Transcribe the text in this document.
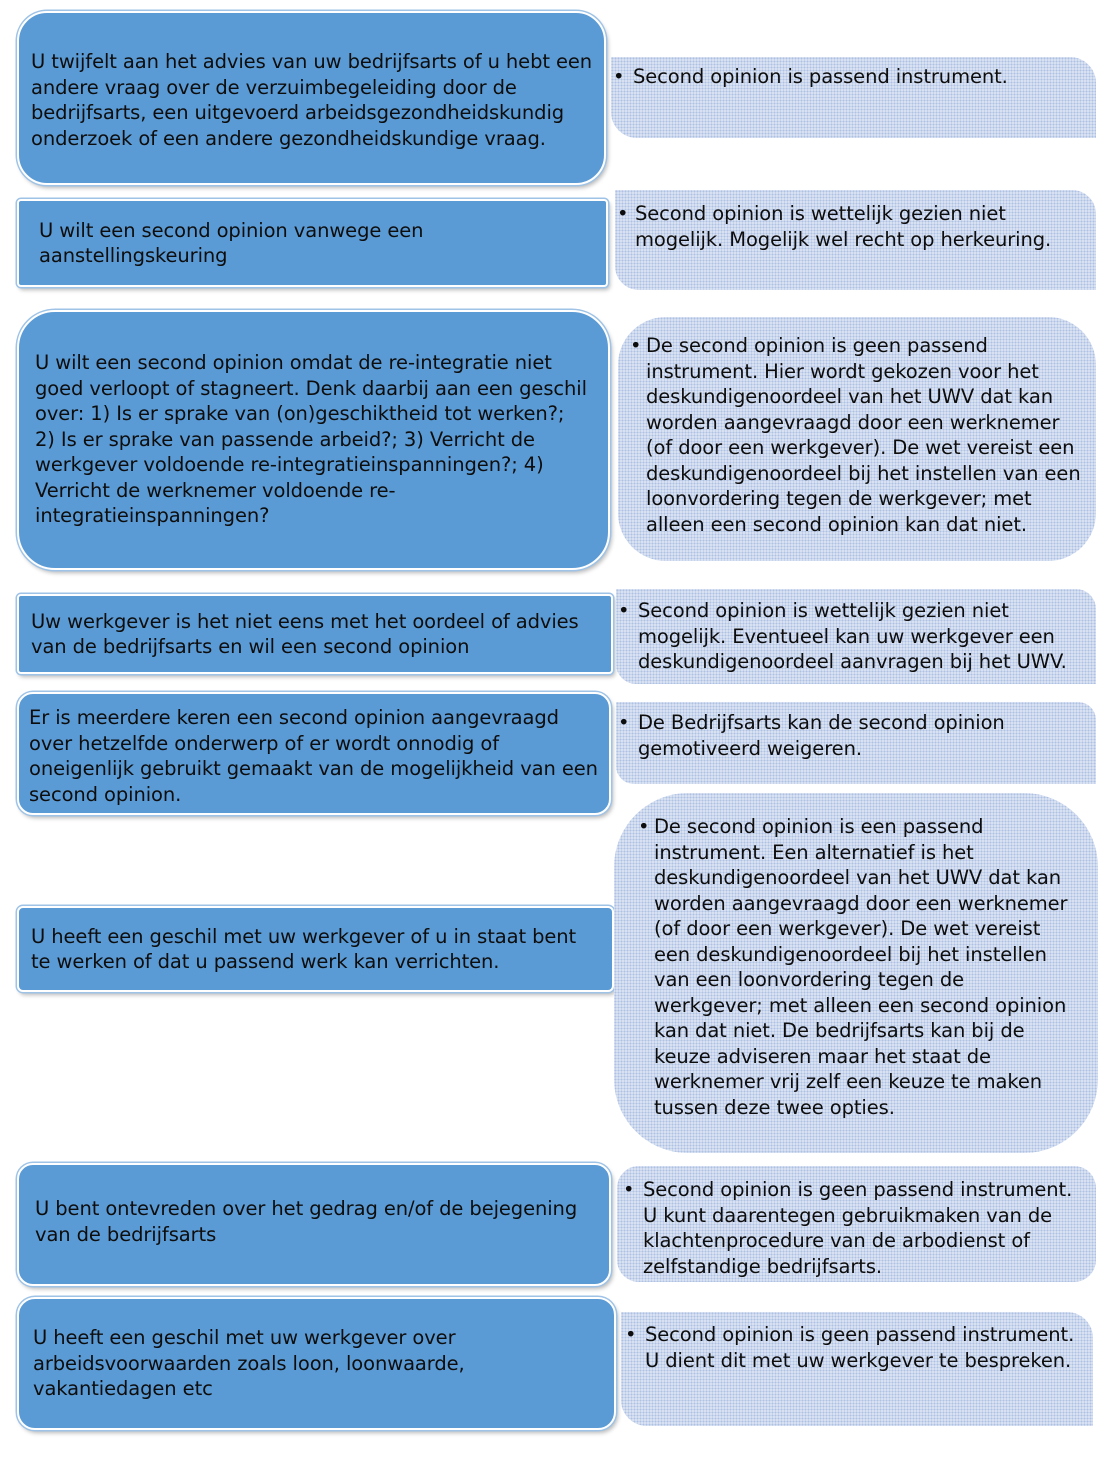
U twijfelt aan het advies van uw bedrijfsarts of u hebt een andere vraag over de verzuimbegeleiding door de bedrijfsarts, een uitgevoerd arbeidsgezondheidskundig onderzoek of een andere gezondheidskundige vraag.
• Second opinion is passend instrument.
U wilt een second opinion vanwege een aanstellingskeuring
• Second opinion is wettelijk gezien niet mogelijk. Mogelijk wel recht op herkeuring.
U wilt een second opinion omdat de re-integratie niet goed verloopt of stagneert. Denk daarbij aan een geschil over: 1) Is er sprake van (on)geschiktheid tot werken?; 2) Is er sprake van passende arbeid?; 3) Verricht de werkgever voldoende re-integratieinspanningen?; 4) Verricht de werknemer voldoende re-integratieinspanningen?
• De second opinion is geen passend instrument. Hier wordt gekozen voor het deskundigenoordeel van het UWV dat kan worden aangevraagd door een werknemer (of door een werkgever). De wet vereist een deskundigenoordeel bij het instellen van een loonvordering tegen de werkgever; met alleen een second opinion kan dat niet.
Uw werkgever is het niet eens met het oordeel of advies van de bedrijfsarts en wil een second opinion
• Second opinion is wettelijk gezien niet mogelijk. Eventueel kan uw werkgever een deskundigenoordeel aanvragen bij het UWV.
Er is meerdere keren een second opinion aangevraagd over hetzelfde onderwerp of er wordt onnodig of oneigenlijk gebruikt gemaakt van de mogelijkheid van een second opinion.
• De Bedrijfsarts kan de second opinion gemotiveerd weigeren.
U heeft een geschil met uw werkgever of u in staat bent te werken of dat u passend werk kan verrichten.
• De second opinion is een passend instrument. Een alternatief is het deskundigenoordeel van het UWV dat kan worden aangevraagd door een werknemer (of door een werkgever). De wet vereist een deskundigenoordeel bij het instellen van een loonvordering tegen de werkgever; met alleen een second opinion kan dat niet. De bedrijfsarts kan bij de keuze adviseren maar het staat de werknemer vrij zelf een keuze te maken tussen deze twee opties.
U bent ontevreden over het gedrag en/of de bejegening van de bedrijfsarts
• Second opinion is geen passend instrument. U kunt daarentegen gebruikmaken van de klachtenprocedure van de arbodienst of zelfstandige bedrijfsarts.
U heeft een geschil met uw werkgever over arbeidsvoorwaarden zoals loon, loonwaarde, vakantiedagen etc
• Second opinion is geen passend instrument. U dient dit met uw werkgever te bespreken.
